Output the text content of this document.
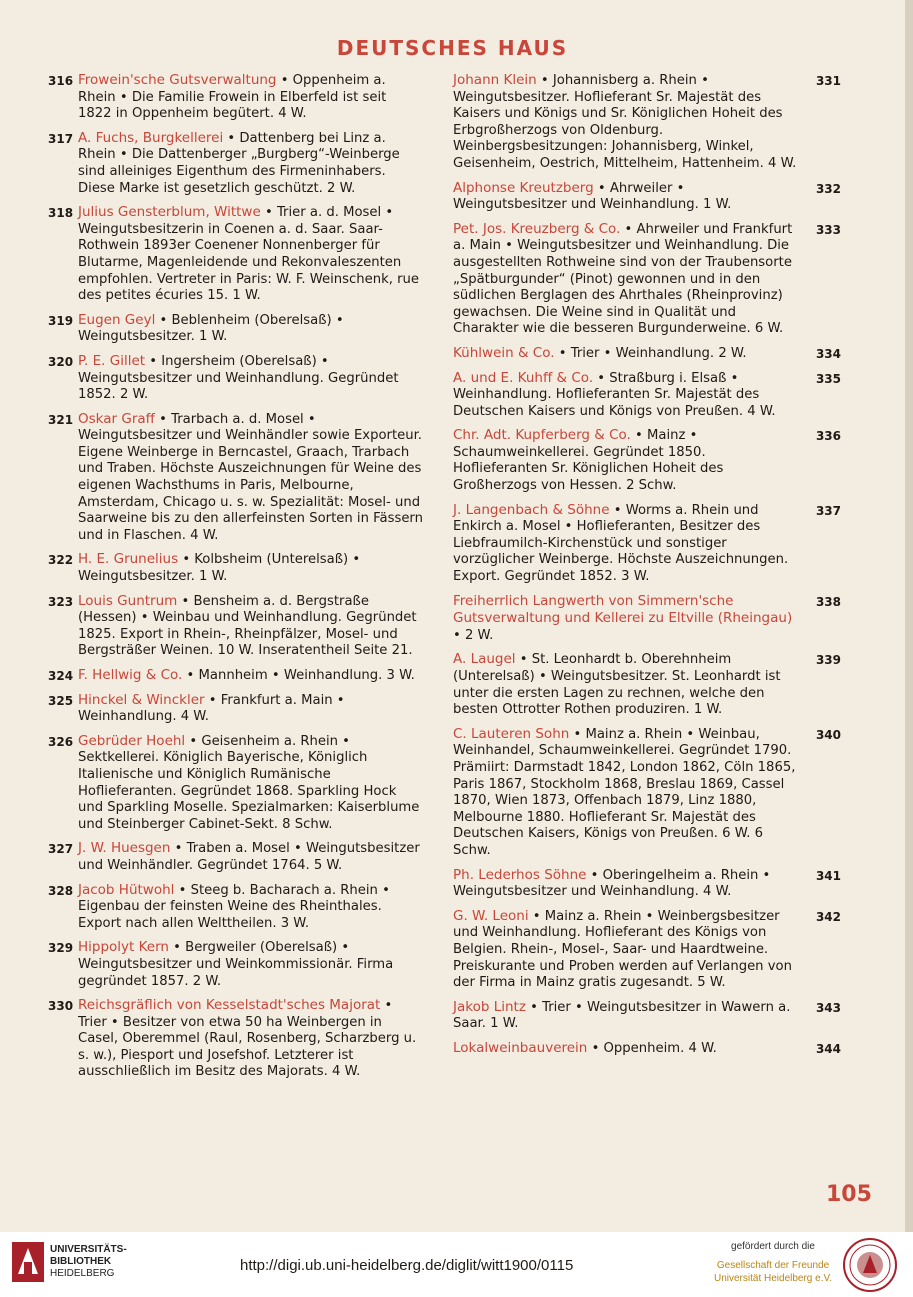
DEUTSCHES HAUS
316 Frowein'sche Gutsverwaltung • Oppenheim a. Rhein • Die Familie Frowein in Elberfeld ist seit 1822 in Oppenheim begütert. 4 W.
317 A. Fuchs, Burgkellerei • Dattenberg bei Linz a. Rhein • Die Dattenberger „Burgberg“-Weinberge sind alleiniges Eigenthum des Firmeninhabers. Diese Marke ist gesetzlich geschützt. 2 W.
318 Julius Gensterblum, Wittwe • Trier a. d. Mosel • Weingutsbesitzerin in Coenen a. d. Saar. Saar-Rothwein 1893er Coenener Nonnenberger für Blutarme, Magenleidende und Rekonvaleszenten empfohlen. Vertreter in Paris: W. F. Weinschenk, rue des petites écuries 15. 1 W.
319 Eugen Geyl • Beblenheim (Oberelsaß) • Weingutsbesitzer. 1 W.
320 P. E. Gillet • Ingersheim (Oberelsaß) • Weingutsbesitzer und Weinhandlung. Gegründet 1852. 2 W.
321 Oskar Graff • Trarbach a. d. Mosel • Weingutsbesitzer und Weinhändler sowie Exporteur. Eigene Weinberge in Berncastel, Graach, Trarbach und Traben. Höchste Auszeichnungen für Weine des eigenen Wachsthums in Paris, Melbourne, Amsterdam, Chicago u. s. w. Spezialität: Mosel- und Saarweine bis zu den allerfeinsten Sorten in Fässern und in Flaschen. 4 W.
322 H. E. Grunelius • Kolbsheim (Unterelsaß) • Weingutsbesitzer. 1 W.
323 Louis Guntrum • Bensheim a. d. Bergstraße (Hessen) • Weinbau und Weinhandlung. Gegründet 1825. Export in Rhein-, Rheinpfälzer, Mosel- und Bergsträßer Weinen. 10 W. Inseratentheil Seite 21.
324 F. Hellwig & Co. • Mannheim • Weinhandlung. 3 W.
325 Hinckel & Winckler • Frankfurt a. Main • Weinhandlung. 4 W.
326 Gebrüder Hoehl • Geisenheim a. Rhein • Sektkellerei. Königlich Bayerische, Königlich Italienische und Königlich Rumänische Hoflieferanten. Gegründet 1868. Sparkling Hock und Sparkling Moselle. Spezialmarken: Kaiserblume und Steinberger Cabinet-Sekt. 8 Schw.
327 J. W. Huesgen • Traben a. Mosel • Weingutsbesitzer und Weinhändler. Gegründet 1764. 5 W.
328 Jacob Hütwohl • Steeg b. Bacharach a. Rhein • Eigenbau der feinsten Weine des Rheinthales. Export nach allen Welttheilen. 3 W.
329 Hippolyt Kern • Bergweiler (Oberelsaß) • Weingutsbesitzer und Weinkommissionär. Firma gegründet 1857. 2 W.
330 Reichsgräflich von Kesselstadt'sches Majorat • Trier • Besitzer von etwa 50 ha Weinbergen in Casel, Oberemmel (Raul, Rosenberg, Scharzberg u. s. w.), Piesport und Josefshof. Letzterer ist ausschließlich im Besitz des Majorats. 4 W.
331
Johann Klein • Johannisberg a. Rhein • Weingutsbesitzer. Hoflieferant Sr. Majestät des Kaisers und Königs und Sr. Königlichen Hoheit des Erbgroßherzogs von Oldenburg. Weinbergsbesitzungen: Johannisberg, Winkel, Geisenheim, Oestrich, Mittelheim, Hattenheim. 4 W.
332
Alphonse Kreutzberg • Ahrweiler • Weingutsbesitzer und Weinhandlung. 1 W.
333
Pet. Jos. Kreuzberg & Co. • Ahrweiler und Frankfurt a. Main • Weingutsbesitzer und Weinhandlung. Die ausgestellten Rothweine sind von der Traubensorte „Spätburgunder“ (Pinot) gewonnen und in den südlichen Berglagen des Ahrthales (Rheinprovinz) gewachsen. Die Weine sind in Qualität und Charakter wie die besseren Burgunderweine. 6 W.
334
Kühlwein & Co. • Trier • Weinhandlung. 2 W.
335
A. und E. Kuhff & Co. • Straßburg i. Elsaß • Weinhandlung. Hoflieferanten Sr. Majestät des Deutschen Kaisers und Königs von Preußen. 4 W.
336
Chr. Adt. Kupferberg & Co. • Mainz • Schaumweinkellerei. Gegründet 1850. Hoflieferanten Sr. Königlichen Hoheit des Großherzogs von Hessen. 2 Schw.
337
J. Langenbach & Söhne • Worms a. Rhein und Enkirch a. Mosel • Hoflieferanten, Besitzer des Liebfraumilch-Kirchenstück und sonstiger vorzüglicher Weinberge. Höchste Auszeichnungen. Export. Gegründet 1852. 3 W.
338
Freiherrlich Langwerth von Simmern'sche Gutsverwaltung und Kellerei zu Eltville (Rheingau) • 2 W.
339
A. Laugel • St. Leonhardt b. Oberehnheim (Unterelsaß) • Weingutsbesitzer. St. Leonhardt ist unter die ersten Lagen zu rechnen, welche den besten Ottrotter Rothen produziren. 1 W.
340
C. Lauteren Sohn • Mainz a. Rhein • Weinbau, Weinhandel, Schaumweinkellerei. Gegründet 1790. Prämiirt: Darmstadt 1842, London 1862, Cöln 1865, Paris 1867, Stockholm 1868, Breslau 1869, Cassel 1870, Wien 1873, Offenbach 1879, Linz 1880, Melbourne 1880. Hoflieferant Sr. Majestät des Deutschen Kaisers, Königs von Preußen. 6 W. 6 Schw.
341
Ph. Lederhos Söhne • Oberingelheim a. Rhein • Weingutsbesitzer und Weinhandlung. 4 W.
342
G. W. Leoni • Mainz a. Rhein • Weinbergsbesitzer und Weinhandlung. Hoflieferant des Königs von Belgien. Rhein-, Mosel-, Saar- und Haardtweine. Preiskurante und Proben werden auf Verlangen von der Firma in Mainz gratis zugesandt. 5 W.
343
Jakob Lintz • Trier • Weingutsbesitzer in Wawern a. Saar. 1 W.
344
Lokalweinbauverein • Oppenheim. 4 W.
105
UNIVERSITÄTS-
BIBLIOTHEK
HEIDELBERG	http://digi.ub.uni-heidelberg.de/diglit/witt1900/0115
gefördert durch die
Gesellschaft der Freunde
Universität Heidelberg e.V.
